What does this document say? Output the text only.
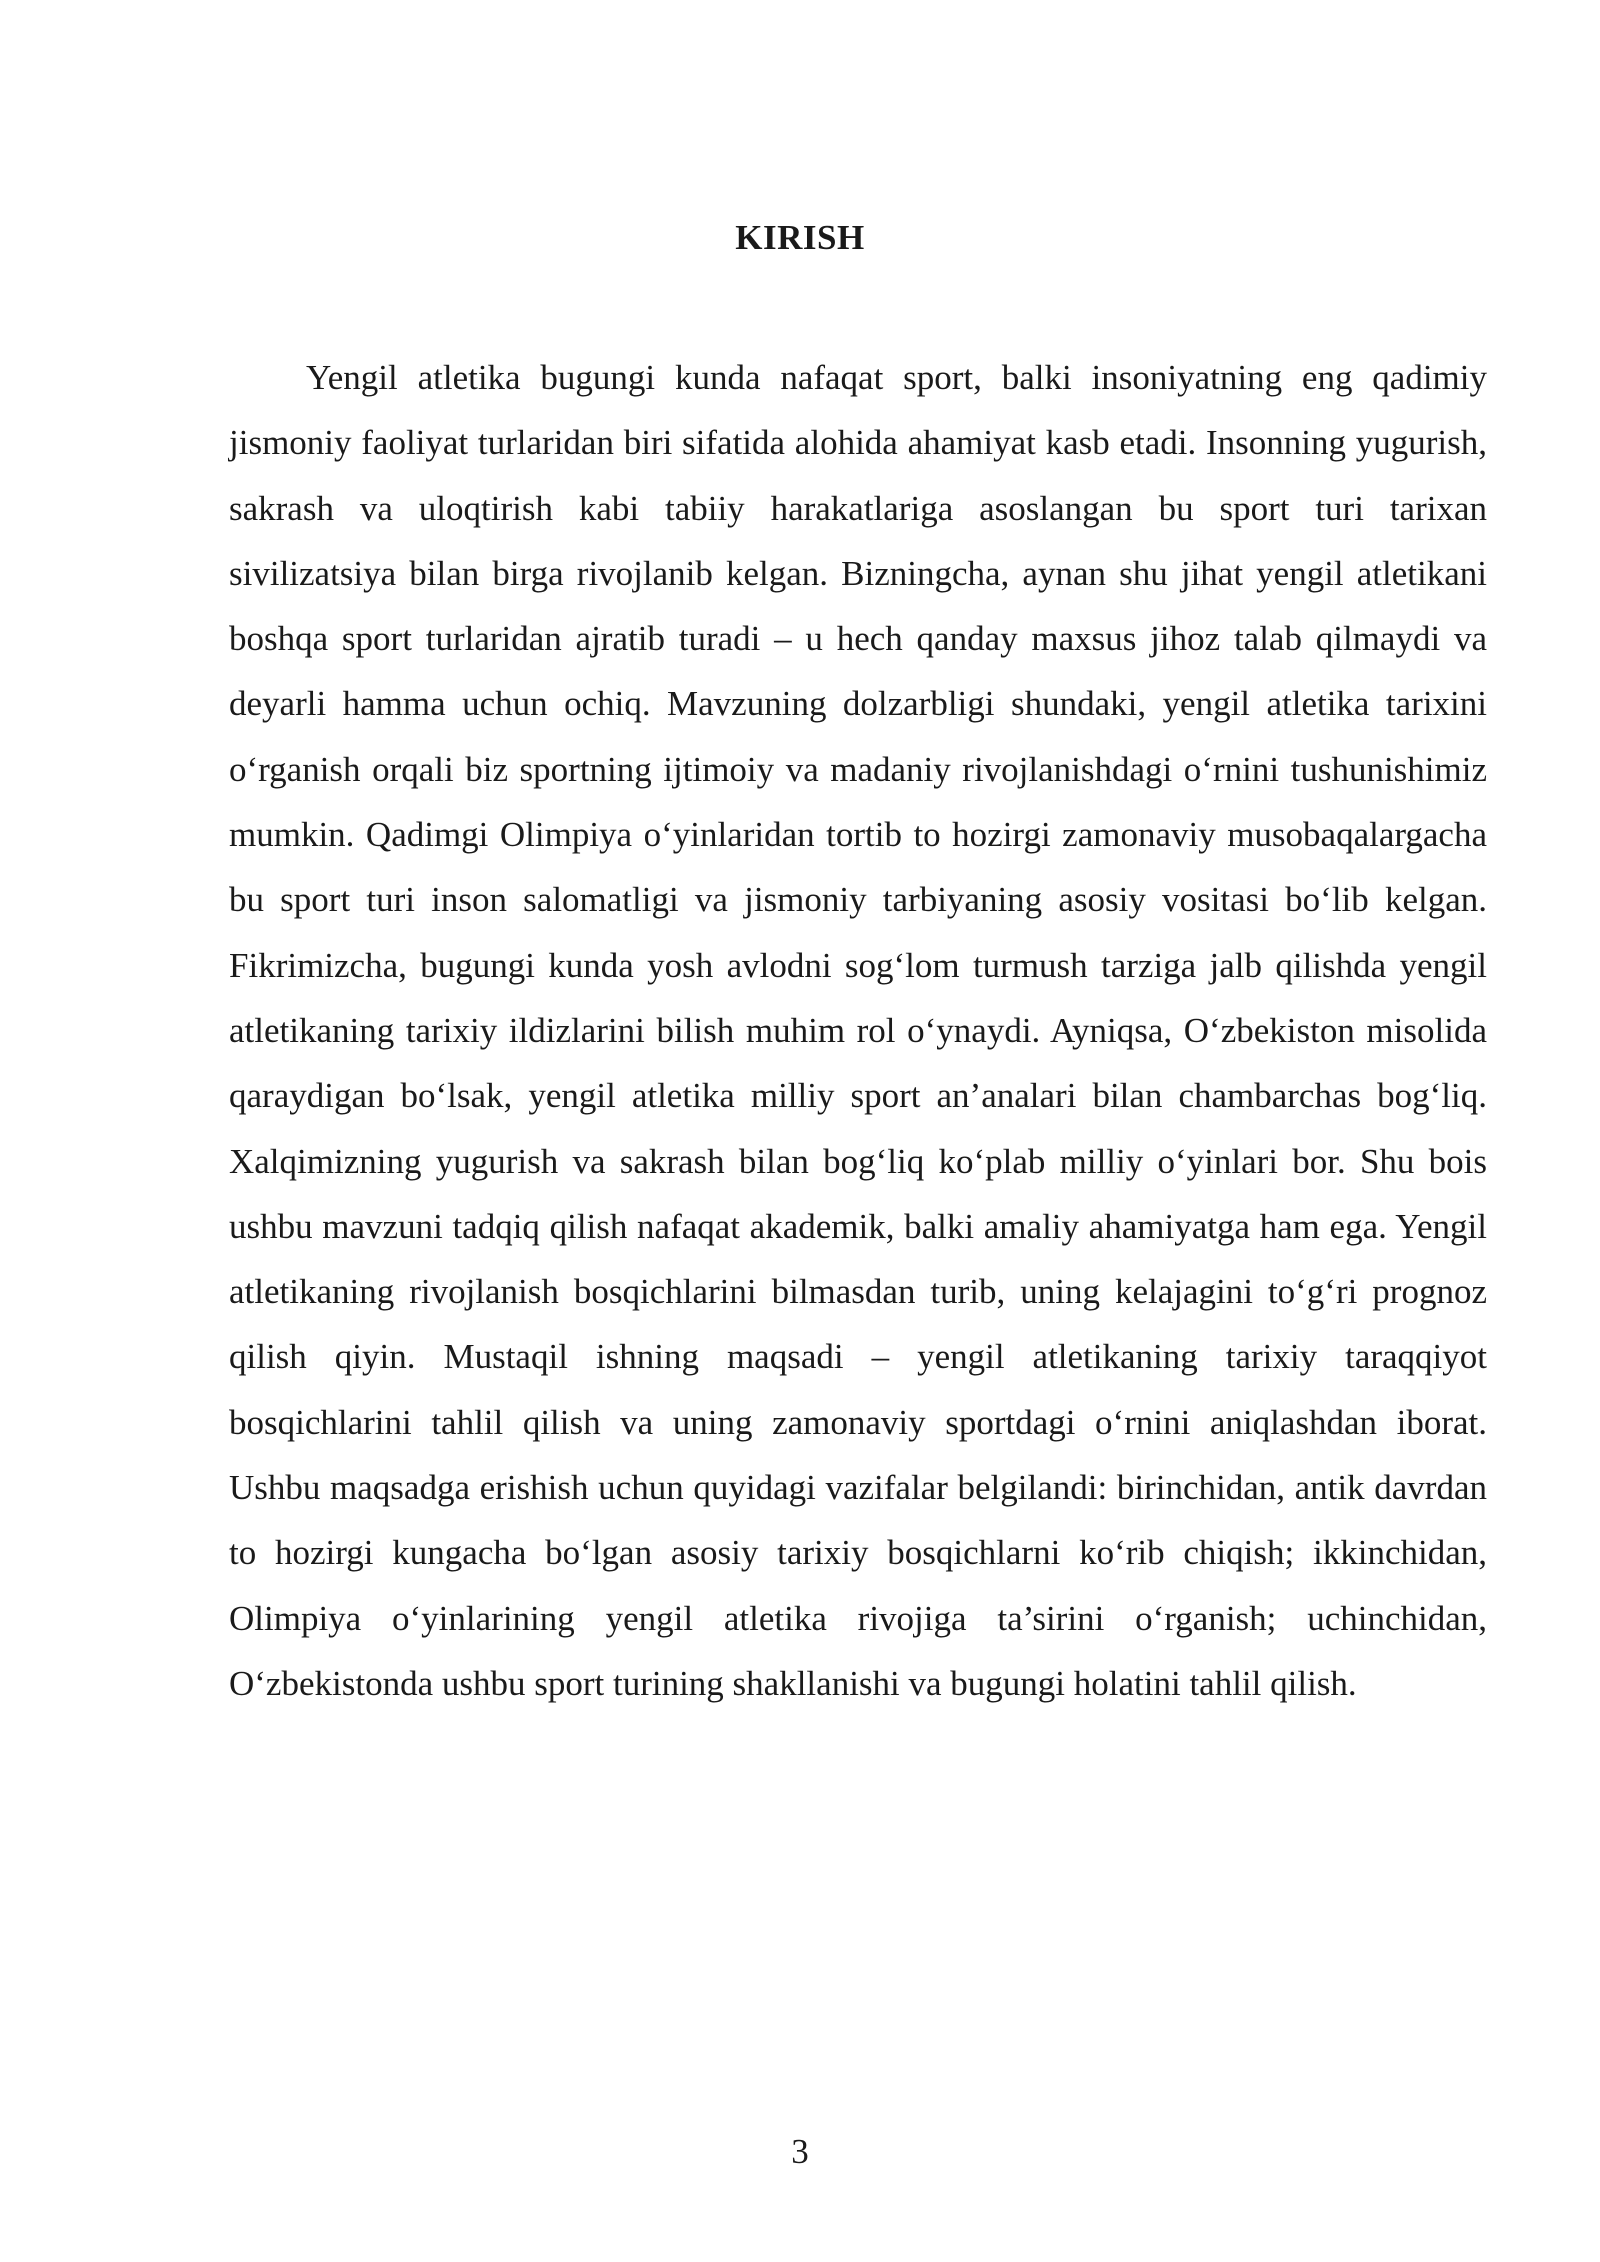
KIRISH

Yengil atletika bugungi kunda nafaqat sport, balki insoniyatning eng qadimiy jismoniy faoliyat turlaridan biri sifatida alohida ahamiyat kasb etadi. Insonning yugurish, sakrash va uloqtirish kabi tabiiy harakatlariga asoslangan bu sport turi tarixan sivilizatsiya bilan birga rivojlanib kelgan. Bizningcha, aynan shu jihat yengil atletikani boshqa sport turlaridan ajratib turadi – u hech qanday maxsus jihoz talab qilmaydi va deyarli hamma uchun ochiq. Mavzuning dolzarbligi shundaki, yengil atletika tarixini o‘rganish orqali biz sportning ijtimoiy va madaniy rivojlanishdagi o‘rnini tushunishimiz mumkin. Qadimgi Olimpiya o‘yinlaridan tortib to hozirgi zamonaviy musobaqalargacha bu sport turi inson salomatligi va jismoniy tarbiyaning asosiy vositasi bo‘lib kelgan. Fikrimizcha, bugungi kunda yosh avlodni sog‘lom turmush tarziga jalb qilishda yengil atletikaning tarixiy ildizlarini bilish muhim rol o‘ynaydi. Ayniqsa, O‘zbekiston misolida qaraydigan bo‘lsak, yengil atletika milliy sport an’analari bilan chambarchas bog‘liq. Xalqimizning yugurish va sakrash bilan bog‘liq ko‘plab milliy o‘yinlari bor. Shu bois ushbu mavzuni tadqiq qilish nafaqat akademik, balki amaliy ahamiyatga ham ega. Yengil atletikaning rivojlanish bosqichlarini bilmasdan turib, uning kelajagini to‘g‘ri prognoz qilish qiyin. Mustaqil ishning maqsadi – yengil atletikaning tarixiy taraqqiyot bosqichlarini tahlil qilish va uning zamonaviy sportdagi o‘rnini aniqlashdan iborat. Ushbu maqsadga erishish uchun quyidagi vazifalar belgilandi: birinchidan, antik davrdan to hozirgi kungacha bo‘lgan asosiy tarixiy bosqichlarni ko‘rib chiqish; ikkinchidan, Olimpiya o‘yinlarining yengil atletika rivojiga ta’sirini o‘rganish; uchinchidan, O‘zbekistonda ushbu sport turining shakllanishi va bugungi holatini tahlil qilish.

3
